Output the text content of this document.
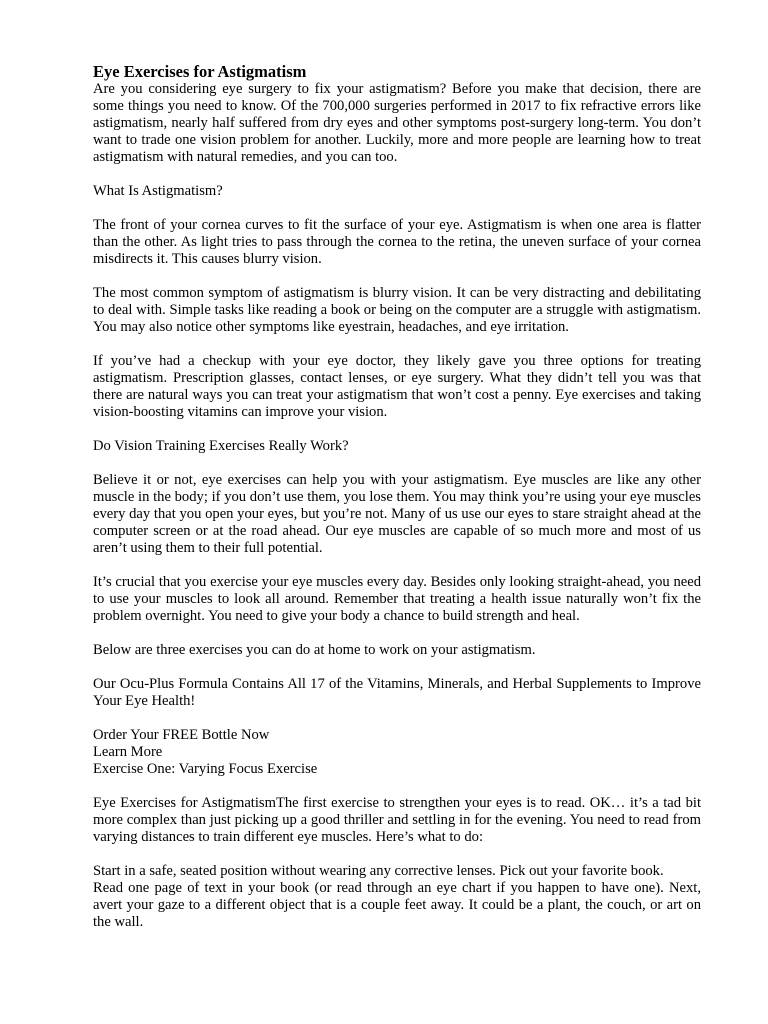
Eye Exercises for Astigmatism

Are you considering eye surgery to fix your astigmatism? Before you make that decision, there are some things you need to know. Of the 700,000 surgeries performed in 2017 to fix refractive errors like astigmatism, nearly half suffered from dry eyes and other symptoms post-surgery long-term. You don’t want to trade one vision problem for another. Luckily, more and more people are learning how to treat astigmatism with natural remedies, and you can too.

What Is Astigmatism?

The front of your cornea curves to fit the surface of your eye. Astigmatism is when one area is flatter than the other. As light tries to pass through the cornea to the retina, the uneven surface of your cornea misdirects it. This causes blurry vision.

The most common symptom of astigmatism is blurry vision. It can be very distracting and debilitating to deal with. Simple tasks like reading a book or being on the computer are a struggle with astigmatism. You may also notice other symptoms like eyestrain, headaches, and eye irritation.

If you’ve had a checkup with your eye doctor, they likely gave you three options for treating astigmatism. Prescription glasses, contact lenses, or eye surgery. What they didn’t tell you was that there are natural ways you can treat your astigmatism that won’t cost a penny. Eye exercises and taking vision-boosting vitamins can improve your vision.

Do Vision Training Exercises Really Work?

Believe it or not, eye exercises can help you with your astigmatism. Eye muscles are like any other muscle in the body; if you don’t use them, you lose them. You may think you’re using your eye muscles every day that you open your eyes, but you’re not. Many of us use our eyes to stare straight ahead at the computer screen or at the road ahead. Our eye muscles are capable of so much more and most of us aren’t using them to their full potential.

It’s crucial that you exercise your eye muscles every day. Besides only looking straight-ahead, you need to use your muscles to look all around. Remember that treating a health issue naturally won’t fix the problem overnight. You need to give your body a chance to build strength and heal.

Below are three exercises you can do at home to work on your astigmatism.

Our Ocu-Plus Formula Contains All 17 of the Vitamins, Minerals, and Herbal Supplements to Improve Your Eye Health!

Order Your FREE Bottle Now

Learn More

Exercise One: Varying Focus Exercise

Eye Exercises for AstigmatismThe first exercise to strengthen your eyes is to read. OK… it’s a tad bit more complex than just picking up a good thriller and settling in for the evening. You need to read from varying distances to train different eye muscles. Here’s what to do:

Start in a safe, seated position without wearing any corrective lenses. Pick out your favorite book.

Read one page of text in your book (or read through an eye chart if you happen to have one). Next, avert your gaze to a different object that is a couple feet away. It could be a plant, the couch, or art on the wall.
